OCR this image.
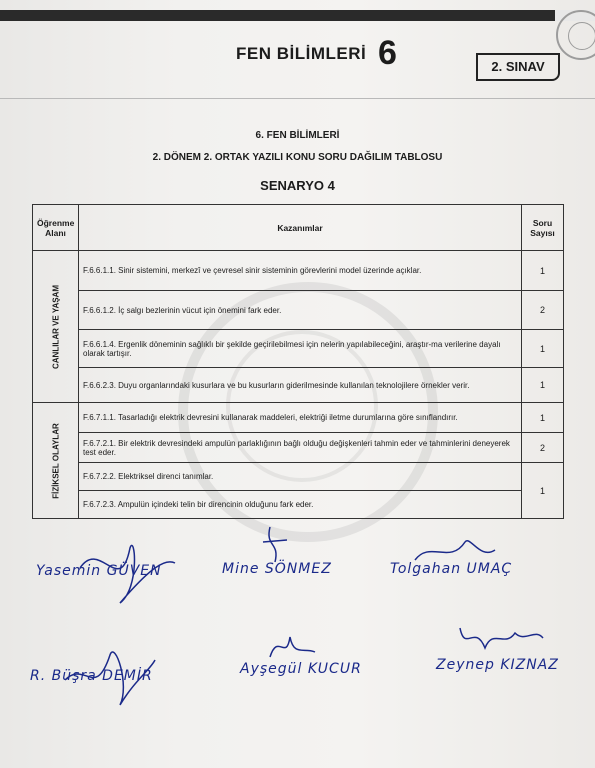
FEN BİLİMLERİ 6	2. SINAV
6. FEN BİLİMLERİ
2. DÖNEM 2. ORTAK YAZILI KONU SORU DAĞILIM TABLOSU
SENARYO 4
Öğrenme Alanı	Kazanımlar	Soru Sayısı

CANLILAR VE YAŞAM	F.6.6.1.1. Sinir sistemini, merkezî ve çevresel sinir sisteminin görevlerini model üzerinde açıklar.	1
	F.6.6.1.2. İç salgı bezlerinin vücut için önemini fark eder.	2
	F.6.6.1.4. Ergenlik döneminin sağlıklı bir şekilde geçirilebilmesi için nelerin yapılabileceğini, araştır-ma verilerine dayalı olarak tartışır.	1
	F.6.6.2.3. Duyu organlarındaki kusurlara ve bu kusurların giderilmesinde kullanılan teknolojilere örnekler verir.	1

FİZİKSEL OLAYLAR	F.6.7.1.1. Tasarladığı elektrik devresini kullanarak maddeleri, elektriği iletme durumlarına göre sınıflandırır.	1
	F.6.7.2.1. Bir elektrik devresindeki ampulün parlaklığının bağlı olduğu değişkenleri tahmin eder ve tahminlerini deneyerek test eder.	2
	F.6.7.2.2. Elektriksel direnci tanımlar.	1
	F.6.7.2.3. Ampulün içindeki telin bir direncinin olduğunu fark eder.	
Yasemin GÜVEN	Mine SÖNMEZ	Tolgahan UMAÇ
R. Büşra DEMİR	Ayşegül KUCUR	Zeynep KIZNAZ
